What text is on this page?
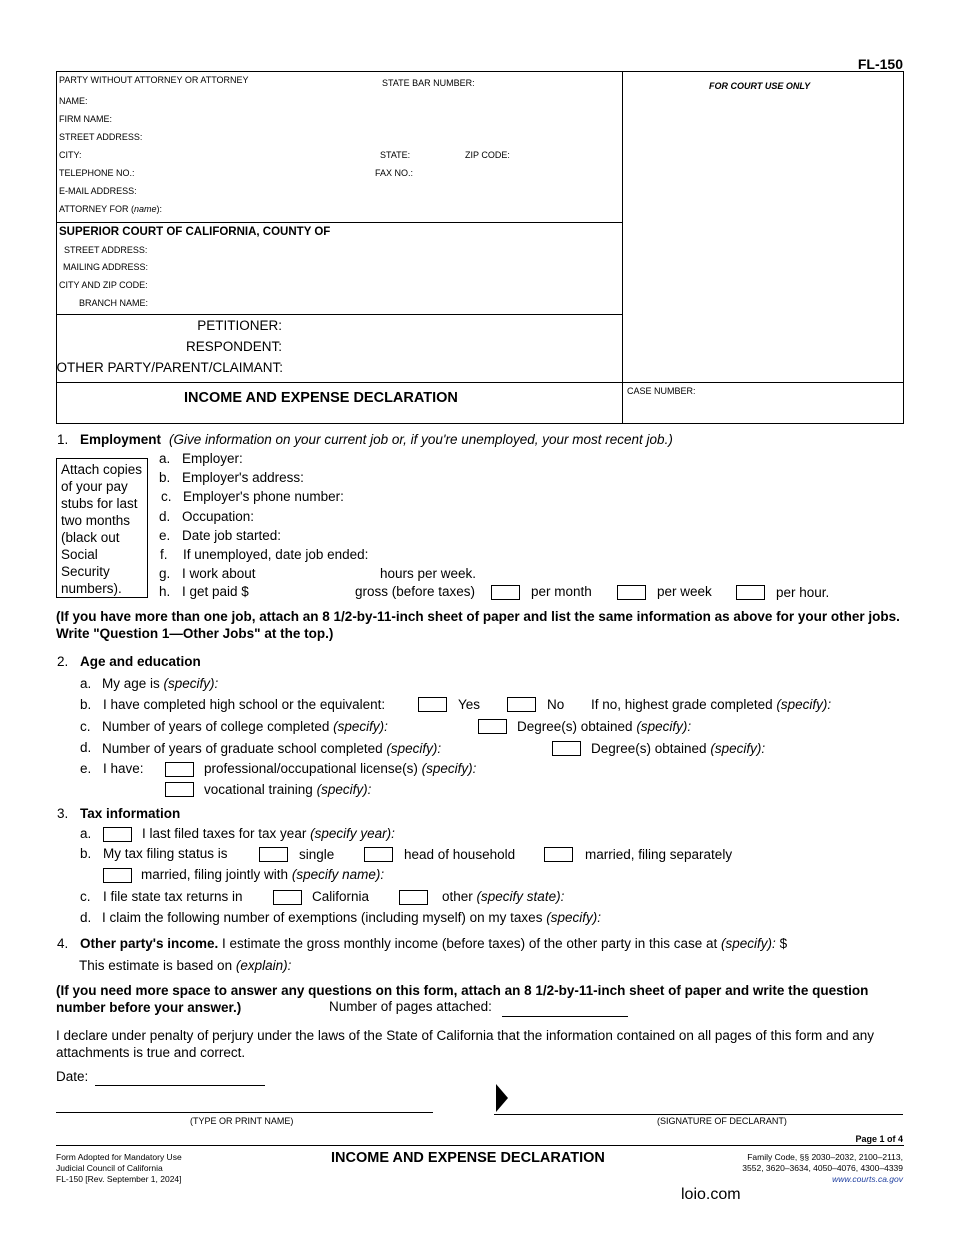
FL-150
PARTY WITHOUT ATTORNEY OR ATTORNEY	STATE BAR NUMBER:
NAME:
FIRM NAME:
STREET ADDRESS:
CITY:	STATE:	ZIP CODE:
TELEPHONE NO.:	FAX NO.:
E-MAIL ADDRESS:
ATTORNEY FOR (name):
SUPERIOR COURT OF CALIFORNIA, COUNTY OF
STREET ADDRESS:
MAILING ADDRESS:
CITY AND ZIP CODE:
BRANCH NAME:
PETITIONER:
RESPONDENT:
OTHER PARTY/PARENT/CLAIMANT:
INCOME AND EXPENSE DECLARATION
FOR COURT USE ONLY
CASE NUMBER:
1. Employment (Give information on your current job or, if you're unemployed, your most recent job.)
Attach copies of your pay stubs for last two months (black out Social Security numbers).
a. Employer:
b. Employer's address:
c. Employer's phone number:
d. Occupation:
e. Date job started:
f. If unemployed, date job ended:
g. I work about	hours per week.
h. I get paid $	gross (before taxes)	per month	per week	per hour.
(If you have more than one job, attach an 8 1/2-by-11-inch sheet of paper and list the same information as above for your other jobs. Write "Question 1—Other Jobs" at the top.)
2. Age and education
a. My age is (specify):
b. I have completed high school or the equivalent:	Yes	No If no, highest grade completed (specify):
c. Number of years of college completed (specify):	Degree(s) obtained (specify):
d. Number of years of graduate school completed (specify):	Degree(s) obtained (specify):
e. I have:	professional/occupational license(s) (specify):
vocational training (specify):
3. Tax information
a.	I last filed taxes for tax year (specify year):
b. My tax filing status is	single	head of household	married, filing separately
married, filing jointly with (specify name):
c. I file state tax returns in	California	other (specify state):
d. I claim the following number of exemptions (including myself) on my taxes (specify):
4. Other party's income. I estimate the gross monthly income (before taxes) of the other party in this case at (specify): $
This estimate is based on (explain):
(If you need more space to answer any questions on this form, attach an 8 1/2-by-11-inch sheet of paper and write the question number before your answer.)	Number of pages attached:
I declare under penalty of perjury under the laws of the State of California that the information contained on all pages of this form and any attachments is true and correct.
Date:
(TYPE OR PRINT NAME)	(SIGNATURE OF DECLARANT)
Page 1 of 4
Form Adopted for Mandatory Use
Judicial Council of California
FL-150 [Rev. September 1, 2024]
INCOME AND EXPENSE DECLARATION	Family Code, §§ 2030–2032, 2100–2113,
3552, 3620–3634, 4050–4076, 4300–4339
www.courts.ca.gov
loio.com
